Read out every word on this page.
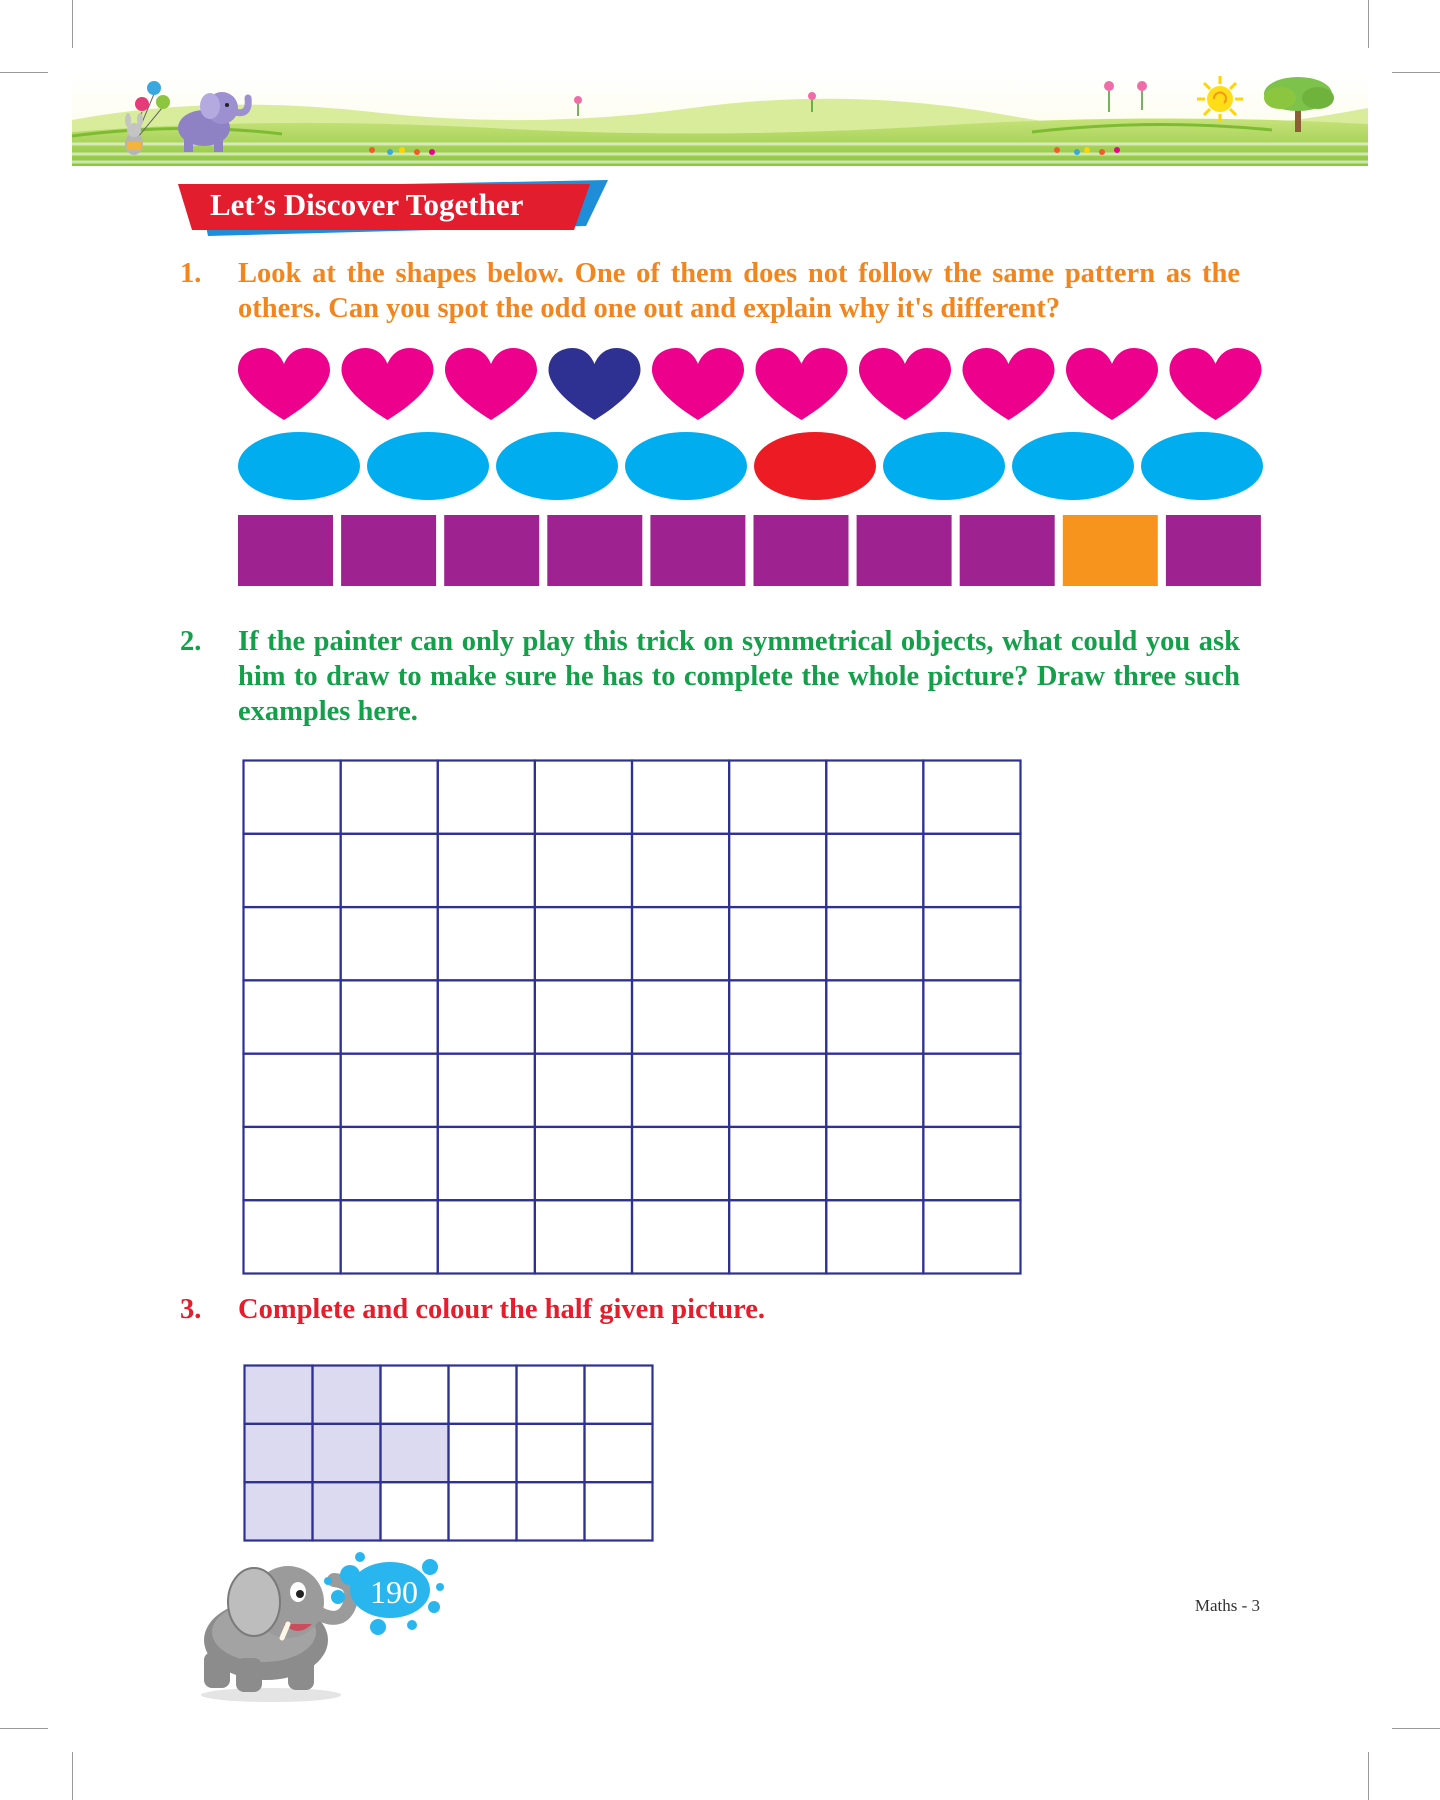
Let’s Discover Together
1. Look at the shapes below. One of them does not follow the same pattern as the others. Can you spot the odd one out and explain why it's different?
2. If the painter can only play this trick on symmetrical objects, what could you ask him to draw to make sure he has to complete the whole picture? Draw three such examples here.
3. Complete and colour the half given picture.
190	Maths - 3
